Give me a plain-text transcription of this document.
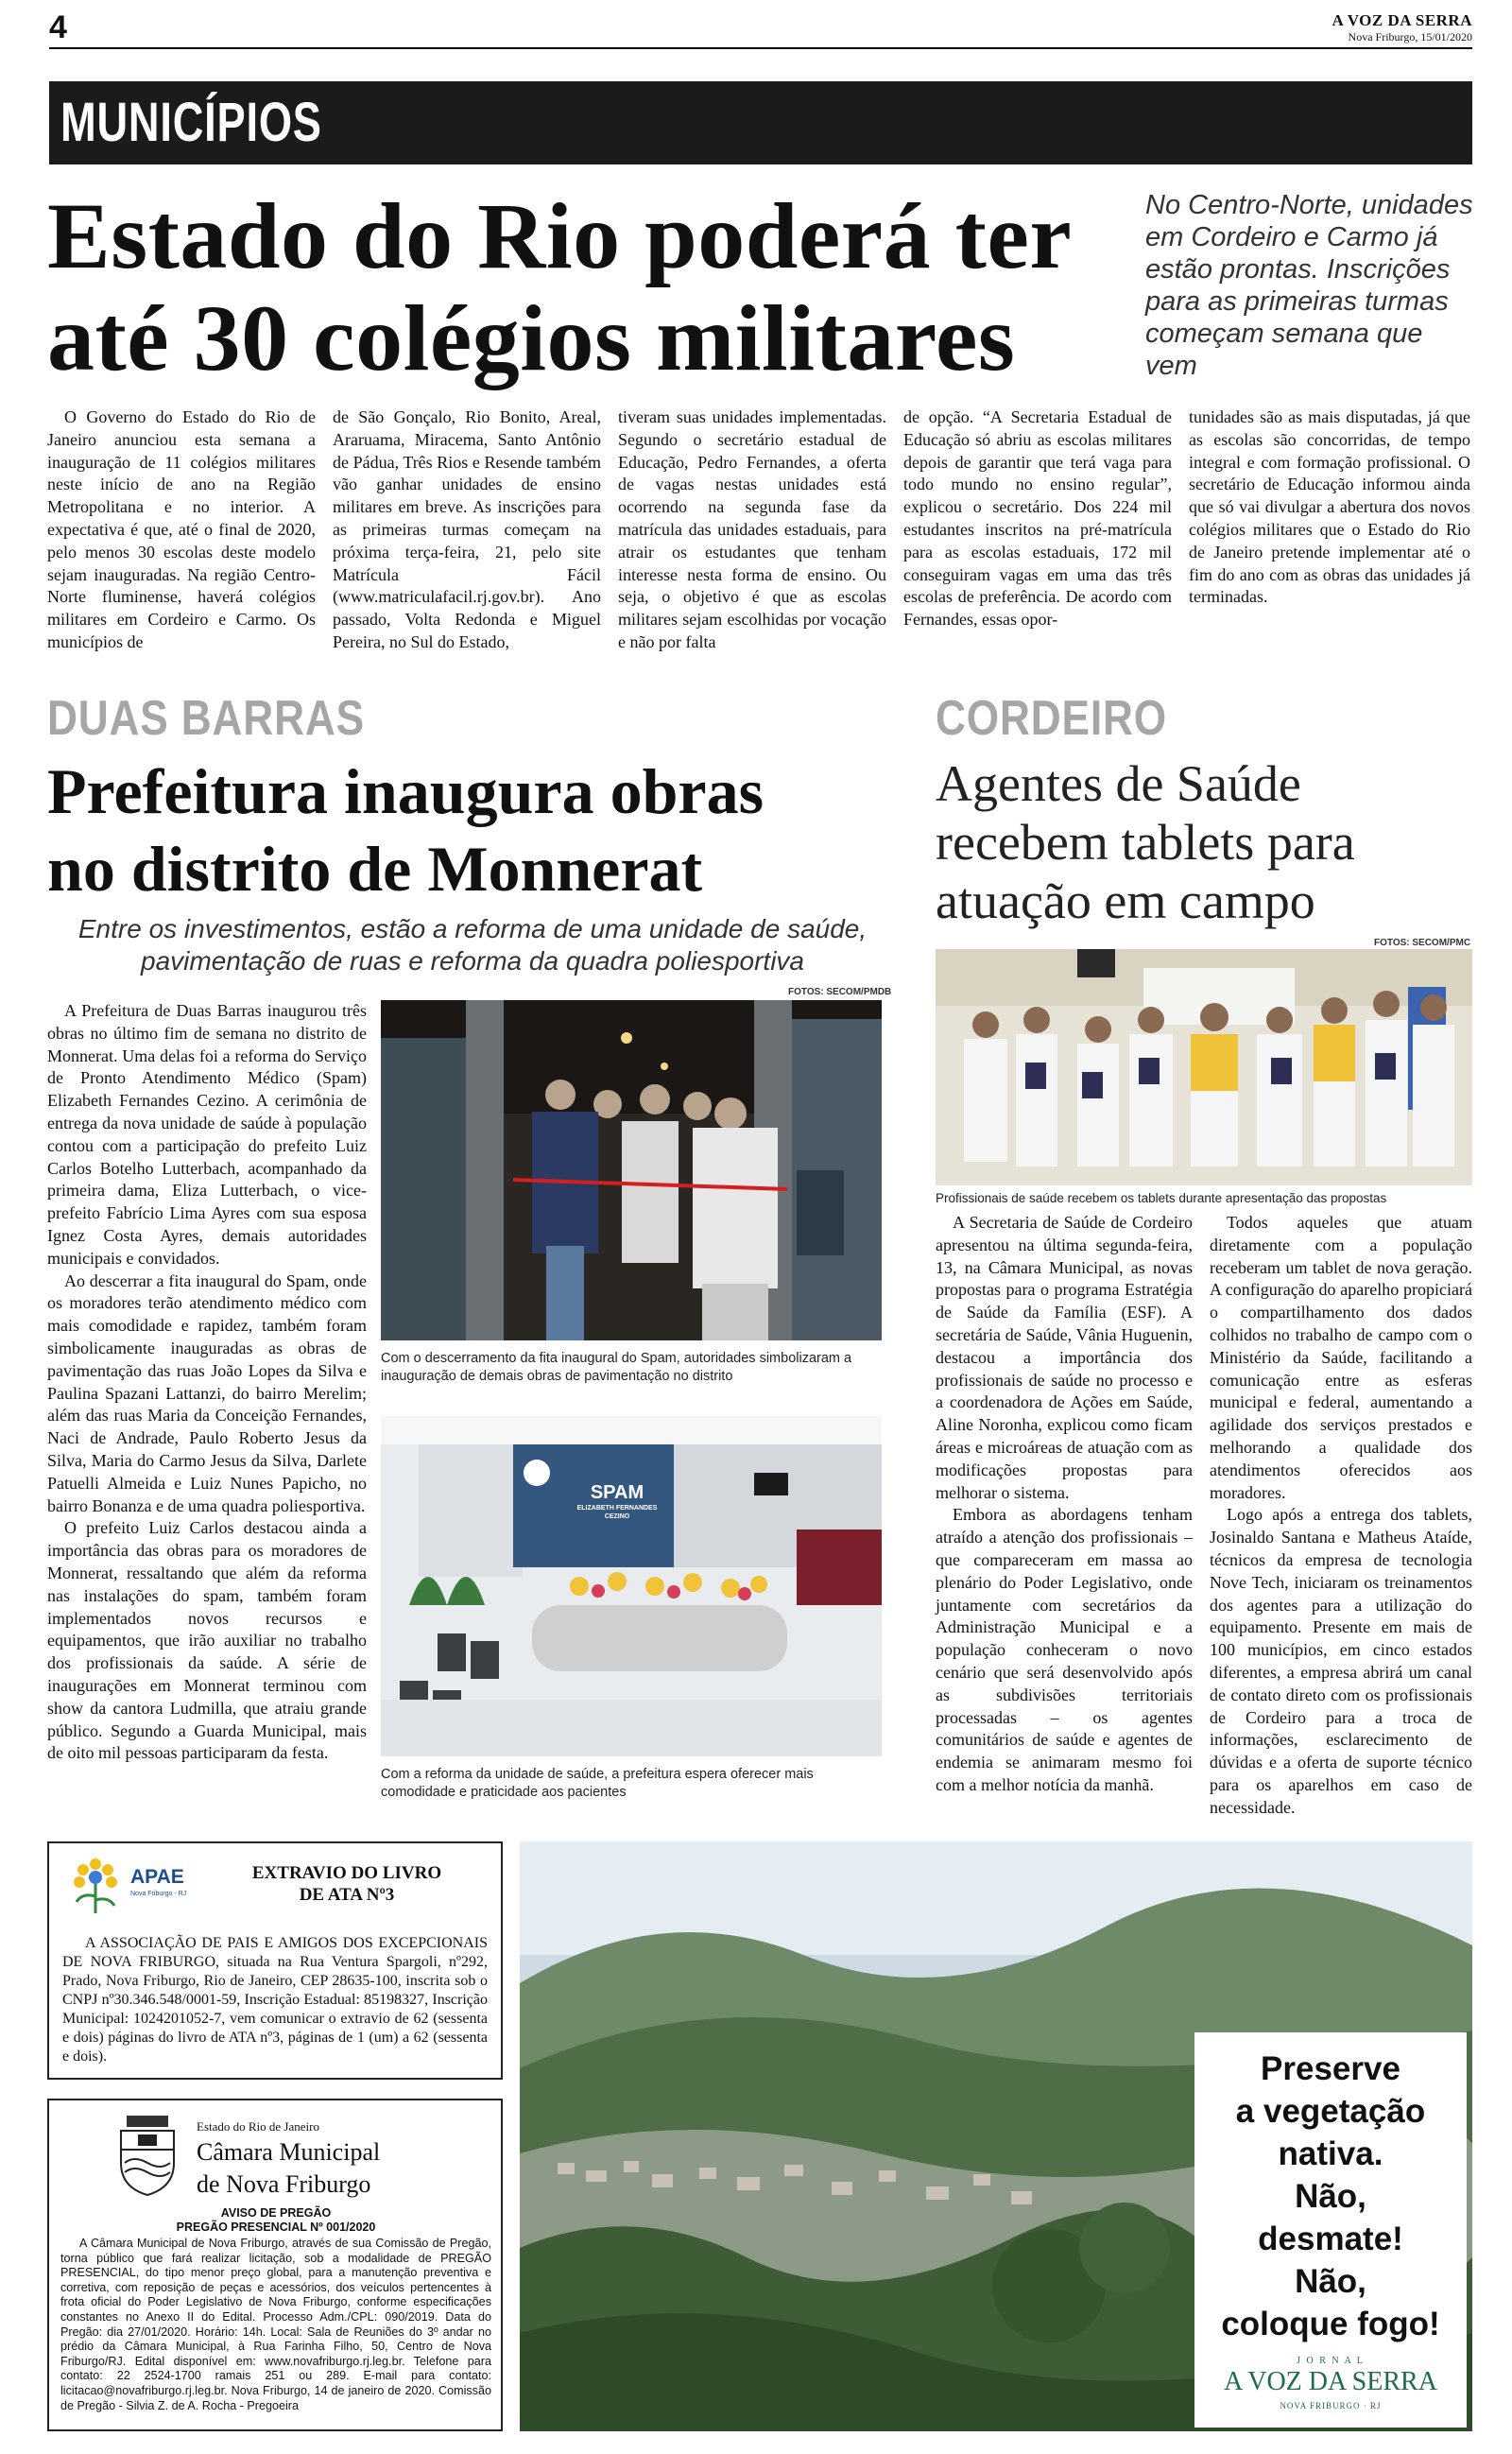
4	A VOZ DA SERRA
Nova Friburgo, 15/01/2020
MUNICÍPIOS
Estado do Rio poderá ter
até 30 colégios militares
No Centro-Norte, unidades em Cordeiro e Carmo já estão prontas. Inscrições para as primeiras turmas começam semana que vem
O Governo do Estado do Rio de Janeiro anunciou esta semana a inauguração de 11 colégios militares neste início de ano na Região Metropolitana e no interior. A expectativa é que, até o final de 2020, pelo menos 30 escolas deste modelo sejam inauguradas. Na região Centro-Norte fluminense, haverá colégios militares em Cordeiro e Carmo. Os municípios de
de São Gonçalo, Rio Bonito, Areal, Araruama, Miracema, Santo Antônio de Pádua, Três Rios e Resende também vão ganhar unidades de ensino militares em breve. As inscrições para as primeiras turmas começam na próxima terça-feira, 21, pelo site Matrícula Fácil (www.matriculafacil.rj.gov.br). Ano passado, Volta Redonda e Miguel Pereira, no Sul do Estado,
tiveram suas unidades implementadas. Segundo o secretário estadual de Educação, Pedro Fernandes, a oferta de vagas nestas unidades está ocorrendo na segunda fase da matrícula das unidades estaduais, para atrair os estudantes que tenham interesse nesta forma de ensino. Ou seja, o objetivo é que as escolas militares sejam escolhidas por vocação e não por falta
de opção. “A Secretaria Estadual de Educação só abriu as escolas militares depois de garantir que terá vaga para todo mundo no ensino regular”, explicou o secretário. Dos 224 mil estudantes inscritos na pré-matrícula para as escolas estaduais, 172 mil conseguiram vagas em uma das três escolas de preferência. De acordo com Fernandes, essas opor-
tunidades são as mais disputadas, já que as escolas são concorridas, de tempo integral e com formação profissional. O secretário de Educação informou ainda que só vai divulgar a abertura dos novos colégios militares que o Estado do Rio de Janeiro pretende implementar até o fim do ano com as obras das unidades já terminadas.
DUAS BARRAS
Prefeitura inaugura obras
no distrito de Monnerat
Entre os investimentos, estão a reforma de uma unidade de saúde, pavimentação de ruas e reforma da quadra poliesportiva
FOTOS: SECOM/PMDB

A Prefeitura de Duas Barras inaugurou três obras no último fim de semana no distrito de Monnerat. Uma delas foi a reforma do Serviço de Pronto Atendimento Médico (Spam) Elizabeth Fernandes Cezino. A cerimônia de entrega da nova unidade de saúde à população contou com a participação do prefeito Luiz Carlos Botelho Lutterbach, acompanhado da primeira dama, Eliza Lutterbach, o vice-prefeito Fabrício Lima Ayres com sua esposa Ignez Costa Ayres, demais autoridades municipais e convidados.

Ao descerrar a fita inaugural do Spam, onde os moradores terão atendimento médico com mais comodidade e rapidez, também foram simbolicamente inauguradas as obras de pavimentação das ruas João Lopes da Silva e Paulina Spazani Lattanzi, do bairro Merelim; além das ruas Maria da Conceição Fernandes, Naci de Andrade, Paulo Roberto Jesus da Silva, Maria do Carmo Jesus da Silva, Darlete Patuelli Almeida e Luiz Nunes Papicho, no bairro Bonanza e de uma quadra poliesportiva.

O prefeito Luiz Carlos destacou ainda a importância das obras para os moradores de Monnerat, ressaltando que além da reforma nas instalações do spam, também foram implementados novos recursos e equipamentos, que irão auxiliar no trabalho dos profissionais da saúde. A série de inaugurações em Monnerat terminou com show da cantora Ludmilla, que atraiu grande público. Segundo a Guarda Municipal, mais de oito mil pessoas participaram da festa.

Com o descerramento da fita inaugural do Spam, autoridades simbolizaram a inauguração de demais obras de pavimentação no distrito
SPAM
ELIZABETH FERNANDES CEZINO
Com a reforma da unidade de saúde, a prefeitura espera oferecer mais comodidade e praticidade aos pacientes
CORDEIRO
Agentes de Saúde recebem tablets para atuação em campo
FOTOS: SECOM/PMC
Profissionais de saúde recebem os tablets durante apresentação das propostas

A Secretaria de Saúde de Cordeiro apresentou na última segunda-feira, 13, na Câmara Municipal, as novas propostas para o programa Estratégia de Saúde da Família (ESF). A secretária de Saúde, Vânia Huguenin, destacou a importância dos profissionais de saúde no processo e a coordenadora de Ações em Saúde, Aline Noronha, explicou como ficam áreas e microáreas de atuação com as modificações propostas para melhorar o sistema.

Embora as abordagens tenham atraído a atenção dos profissionais – que compareceram em massa ao plenário do Poder Legislativo, onde juntamente com secretários da Administração Municipal e a população conheceram o novo cenário que será desenvolvido após as subdivisões territoriais processadas – os agentes comunitários de saúde e agentes de endemia se animaram mesmo foi com a melhor notícia da manhã.

Todos aqueles que atuam diretamente com a população receberam um tablet de nova geração. A configuração do aparelho propiciará o compartilhamento dos dados colhidos no trabalho de campo com o Ministério da Saúde, facilitando a comunicação entre as esferas municipal e federal, aumentando a agilidade dos serviços prestados e melhorando a qualidade dos atendimentos oferecidos aos moradores.

Logo após a entrega dos tablets, Josinaldo Santana e Matheus Ataíde, técnicos da empresa de tecnologia Nove Tech, iniciaram os treinamentos dos agentes para a utilização do equipamento. Presente em mais de 100 municípios, em cinco estados diferentes, a empresa abrirá um canal de contato direto com os profissionais de Cordeiro para a troca de informações, esclarecimento de dúvidas e a oferta de suporte técnico para os aparelhos em caso de necessidade.

APAE
Nova Friburgo - RJ
EXTRAVIO DO LIVRO
DE ATA Nº3
A ASSOCIAÇÃO DE PAIS E AMIGOS DOS EXCEPCIONAIS DE NOVA FRIBURGO, situada na Rua Ventura Spargoli, nº292, Prado, Nova Friburgo, Rio de Janeiro, CEP 28635-100, inscrita sob o CNPJ nº30.346.548/0001-59, Inscrição Estadual: 85198327, Inscrição Municipal: 1024201052-7, vem comunicar o extravio de 62 (sessenta e dois) páginas do livro de ATA nº3, páginas de 1 (um) a 62 (sessenta e dois).
Estado do Rio de Janeiro
Câmara Municipal
de Nova Friburgo
AVISO DE PREGÃO
PREGÃO PRESENCIAL Nº 001/2020
A Câmara Municipal de Nova Friburgo, através de sua Comissão de Pregão, torna público que fará realizar licitação, sob a modalidade de PREGÃO PRESENCIAL, do tipo menor preço global, para a manutenção preventiva e corretiva, com reposição de peças e acessórios, dos veículos pertencentes à frota oficial do Poder Legislativo de Nova Friburgo, conforme especificações constantes no Anexo II do Edital. Processo Adm./CPL: 090/2019. Data do Pregão: dia 27/01/2020. Horário: 14h. Local: Sala de Reuniões do 3º andar no prédio da Câmara Municipal, à Rua Farinha Filho, 50, Centro de Nova Friburgo/RJ. Edital disponível em: www.novafriburgo.rj.leg.br. Telefone para contato: 22 2524-1700 ramais 251 ou 289. E-mail para contato: licitacao@novafriburgo.rj.leg.br. Nova Friburgo, 14 de janeiro de 2020. Comissão de Pregão - Silvia Z. de A. Rocha - Pregoeira
Preserve
a vegetação
nativa.
Não,
desmate!
Não,
coloque fogo!
J O R N A L
A VOZ DA SERRA
NOVA FRIBURGO · RJ
